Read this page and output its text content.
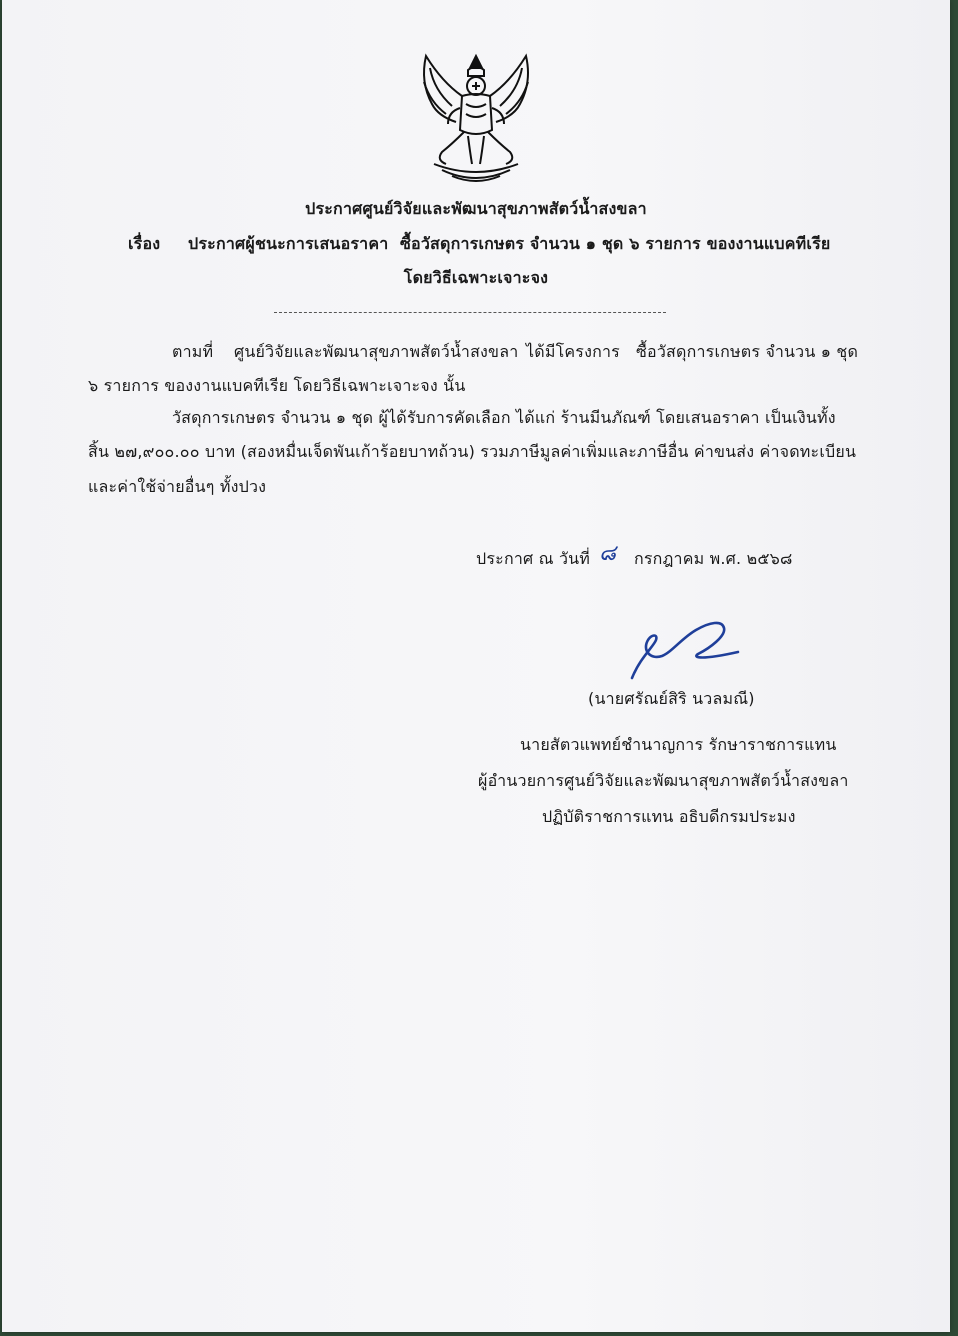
ประกาศศูนย์วิจัยและพัฒนาสุขภาพสัตว์น้ำสงขลา
เรื่อง ประกาศผู้ชนะการเสนอราคา ซื้อวัสดุการเกษตร จำนวน ๑ ชุด ๖ รายการ ของงานแบคทีเรีย
โดยวิธีเฉพาะเจาะจง
ตามที่ ศูนย์วิจัยและพัฒนาสุขภาพสัตว์น้ำสงขลา ได้มีโครงการ ซื้อวัสดุการเกษตร จำนวน ๑ ชุด
๖ รายการ ของงานแบคทีเรีย โดยวิธีเฉพาะเจาะจง นั้น
วัสดุการเกษตร จำนวน ๑ ชุด ผู้ได้รับการคัดเลือก ได้แก่ ร้านมีนภัณฑ์ โดยเสนอราคา เป็นเงินทั้ง
สิ้น ๒๗,๙๐๐.๐๐ บาท (สองหมื่นเจ็ดพันเก้าร้อยบาทถ้วน) รวมภาษีมูลค่าเพิ่มและภาษีอื่น ค่าขนส่ง ค่าจดทะเบียน
และค่าใช้จ่ายอื่นๆ ทั้งปวง
ประกาศ ณ วันที่ ๘ กรกฎาคม พ.ศ. ๒๕๖๘
(นายศรัณย์สิริ นวลมณี)
นายสัตวแพทย์ชำนาญการ รักษาราชการแทน
ผู้อำนวยการศูนย์วิจัยและพัฒนาสุขภาพสัตว์น้ำสงขลา
ปฏิบัติราชการแทน อธิบดีกรมประมง
